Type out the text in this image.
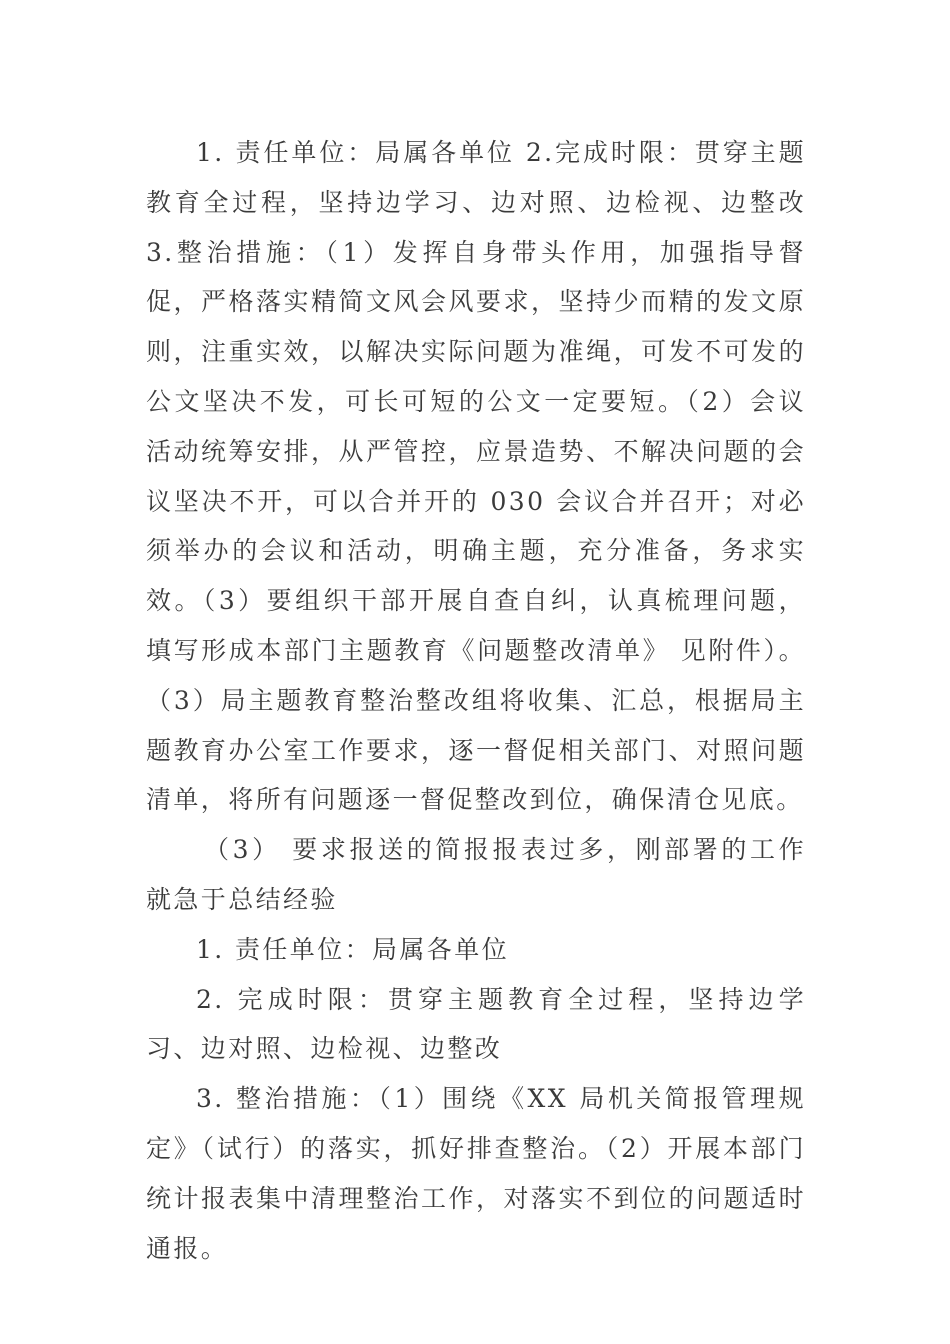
1. 责任单位：局属各单位 2.完成时限：贯穿主题教育全过程，坚持边学习、边对照、边检视、边整改 3.整治措施：（1）发挥自身带头作用，加强指导督促，严格落实精简文风会风要求，坚持少而精的发文原则，注重实效，以解决实际问题为准绳，可发不可发的公文坚决不发，可长可短的公文一定要短。（2）会议活动统筹安排，从严管控，应景造势、不解决问题的会议坚决不开，可以合并开的 030 会议合并召开；对必须举办的会议和活动，明确主题，充分准备，务求实效。（3）要组织干部开展自查自纠，认真梳理问题，填写形成本部门主题教育《问题整改清单》 见附件）。（3）局主题教育整治整改组将收集、汇总，根据局主题教育办公室工作要求，逐一督促相关部门、对照问题清单，将所有问题逐一督促整改到位，确保清仓见底。

（3） 要求报送的简报报表过多，刚部署的工作就急于总结经验

1. 责任单位：局属各单位

2. 完成时限：贯穿主题教育全过程，坚持边学习、边对照、边检视、边整改

3. 整治措施：（1）围绕《XX 局机关简报管理规定》（试行）的落实，抓好排查整治。（2）开展本部门统计报表集中清理整治工作，对落实不到位的问题适时通报。
